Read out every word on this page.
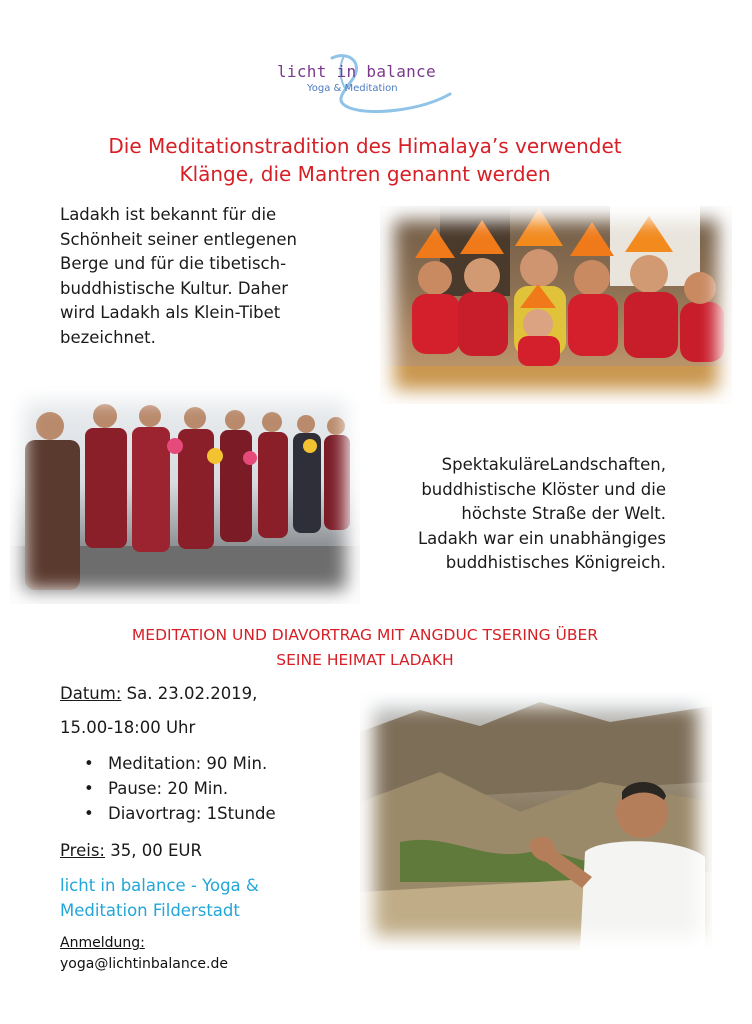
licht in balance
Yoga & Meditation
Die Meditationstradition des Himalaya’s verwendet
Klänge, die Mantren genannt werden
Ladakh ist bekannt für die
Schönheit seiner entlegenen
Berge und für die tibetisch-
buddhistische Kultur. Daher
wird Ladakh als Klein-Tibet
bezeichnet.
SpektakuläreLandschaften,
buddhistische Klöster und die
höchste Straße der Welt.
Ladakh war ein unabhängiges
buddhistisches Königreich.
MEDITATION UND DIAVORTRAG MIT ANGDUC TSERING ÜBER
SEINE HEIMAT LADAKH
Datum: Sa. 23.02.2019,
15.00-18:00 Uhr
• Meditation: 90 Min.
• Pause: 20 Min.
• Diavortrag: 1Stunde
Preis: 35, 00 EUR
licht in balance - Yoga &
Meditation Filderstadt
Anmeldung:
yoga@lichtinbalance.de
